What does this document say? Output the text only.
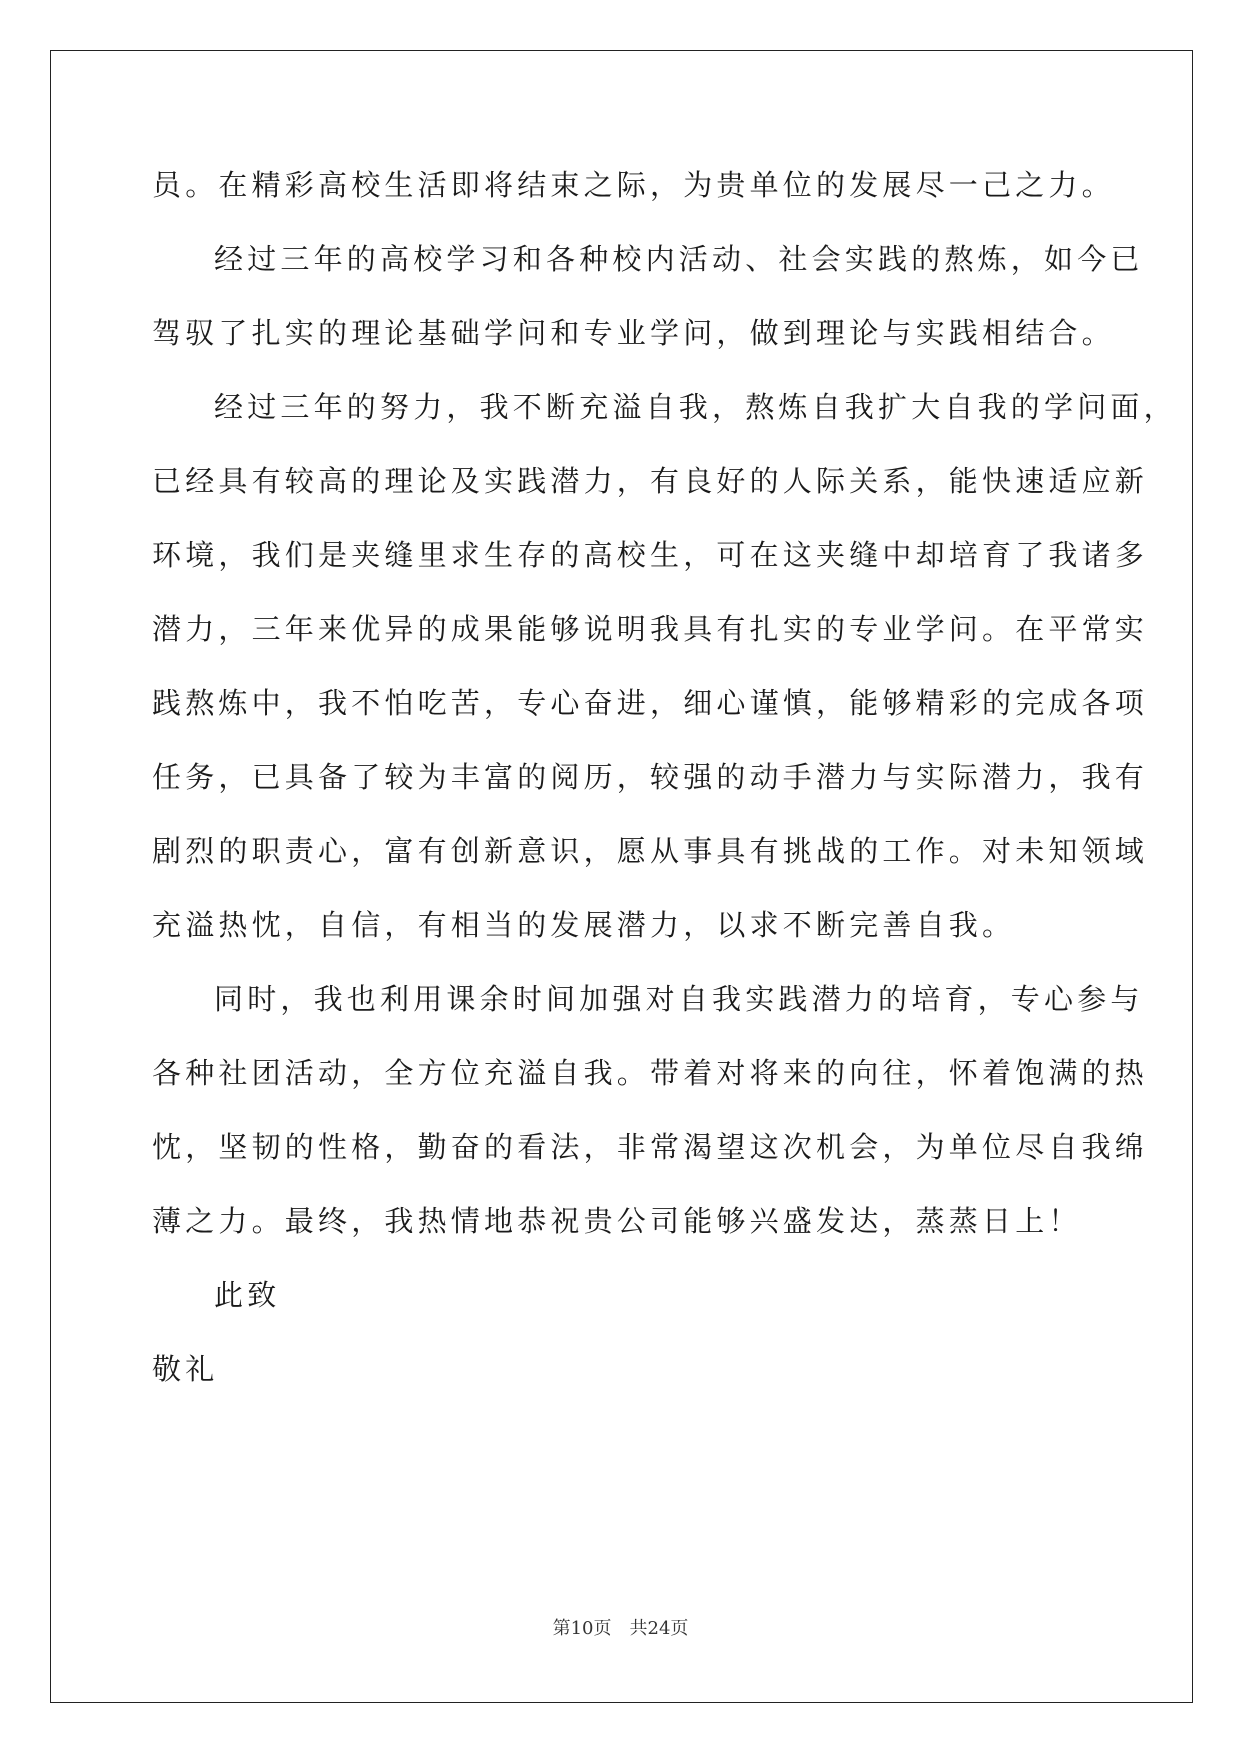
员。在精彩高校生活即将结束之际，为贵单位的发展尽一己之力。
经过三年的高校学习和各种校内活动、社会实践的熬炼，如今已
驾驭了扎实的理论基础学问和专业学问，做到理论与实践相结合。
经过三年的努力，我不断充溢自我，熬炼自我扩大自我的学问面，
已经具有较高的理论及实践潜力，有良好的人际关系，能快速适应新
环境，我们是夹缝里求生存的高校生，可在这夹缝中却培育了我诸多
潜力，三年来优异的成果能够说明我具有扎实的专业学问。在平常实
践熬炼中，我不怕吃苦，专心奋进，细心谨慎，能够精彩的完成各项
任务，已具备了较为丰富的阅历，较强的动手潜力与实际潜力，我有
剧烈的职责心，富有创新意识，愿从事具有挑战的工作。对未知领域
充溢热忱，自信，有相当的发展潜力，以求不断完善自我。
同时，我也利用课余时间加强对自我实践潜力的培育，专心参与
各种社团活动，全方位充溢自我。带着对将来的向往，怀着饱满的热
忱，坚韧的性格，勤奋的看法，非常渴望这次机会，为单位尽自我绵
薄之力。最终，我热情地恭祝贵公司能够兴盛发达，蒸蒸日上！
此致
敬礼
第10页　共24页
